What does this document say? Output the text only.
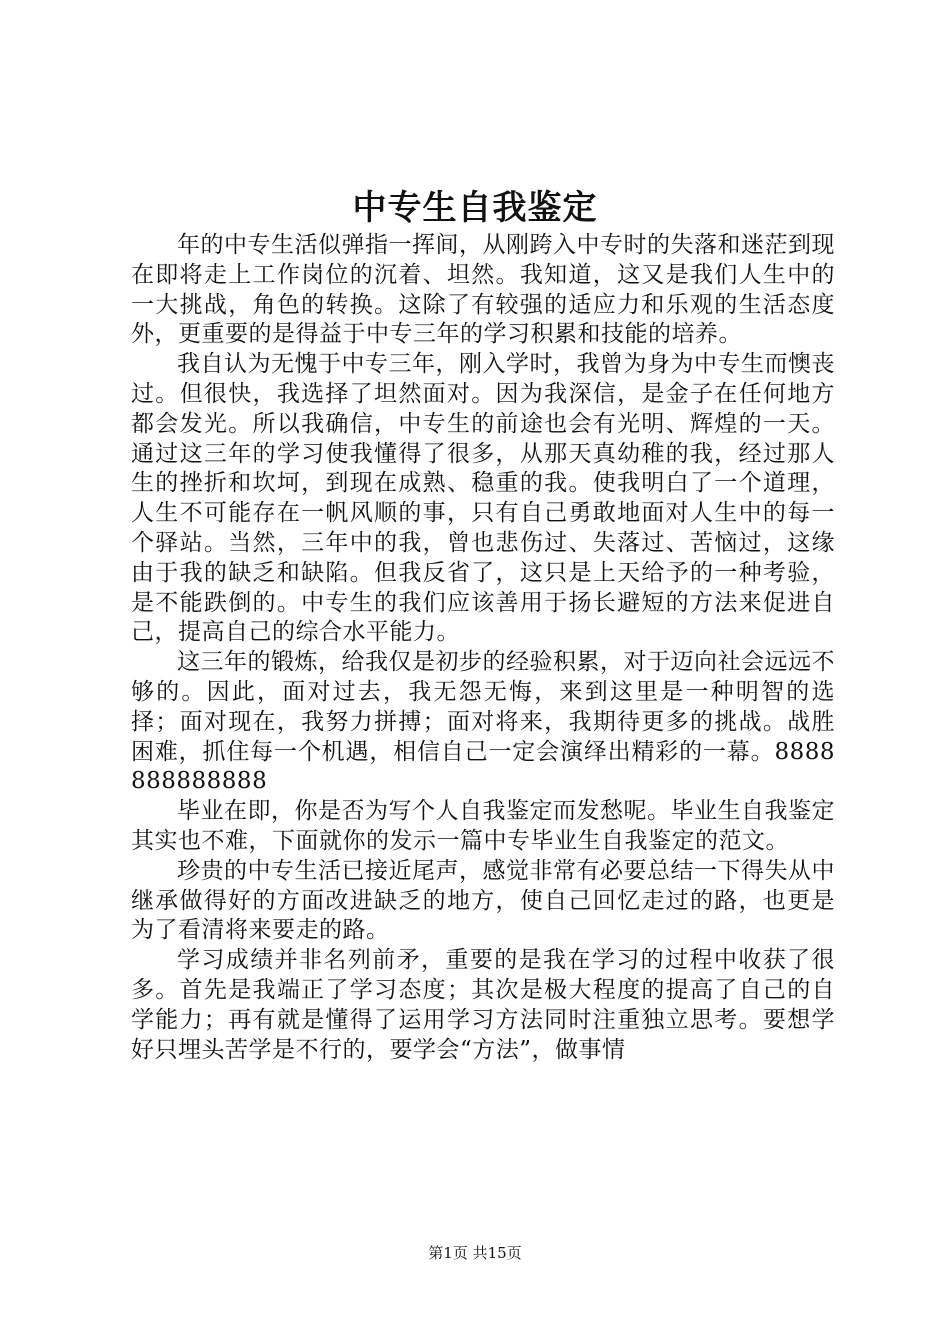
中专生自我鉴定

年的中专生活似弹指一挥间，从刚跨入中专时的失落和迷茫到现在即将走上工作岗位的沉着、坦然。我知道，这又是我们人生中的一大挑战，角色的转换。这除了有较强的适应力和乐观的生活态度外，更重要的是得益于中专三年的学习积累和技能的培养。

我自认为无愧于中专三年，刚入学时，我曾为身为中专生而懊丧过。但很快，我选择了坦然面对。因为我深信，是金子在任何地方都会发光。所以我确信，中专生的前途也会有光明、辉煌的一天。通过这三年的学习使我懂得了很多，从那天真幼稚的我，经过那人生的挫折和坎坷，到现在成熟、稳重的我。使我明白了一个道理，人生不可能存在一帆风顺的事，只有自己勇敢地面对人生中的每一个驿站。当然，三年中的我，曾也悲伤过、失落过、苦恼过，这缘由于我的缺乏和缺陷。但我反省了，这只是上天给予的一种考验，是不能跌倒的。中专生的我们应该善用于扬长避短的方法来促进自己，提高自己的综合水平能力。

这三年的锻炼，给我仅是初步的经验积累，对于迈向社会远远不够的。因此，面对过去，我无怨无悔，来到这里是一种明智的选择；面对现在，我努力拼搏；面对将来，我期待更多的挑战。战胜困难，抓住每一个机遇，相信自己一定会演绎出精彩的一幕。8888888888888

毕业在即，你是否为写个人自我鉴定而发愁呢。毕业生自我鉴定其实也不难，下面就你的发示一篇中专毕业生自我鉴定的范文。

珍贵的中专生活已接近尾声，感觉非常有必要总结一下得失从中继承做得好的方面改进缺乏的地方，使自己回忆走过的路，也更是为了看清将来要走的路。

学习成绩并非名列前矛，重要的是我在学习的过程中收获了很多。首先是我端正了学习态度；其次是极大程度的提高了自己的自学能力；再有就是懂得了运用学习方法同时注重独立思考。要想学好只埋头苦学是不行的，要学会“方法”，做事情

第1页 共15页
